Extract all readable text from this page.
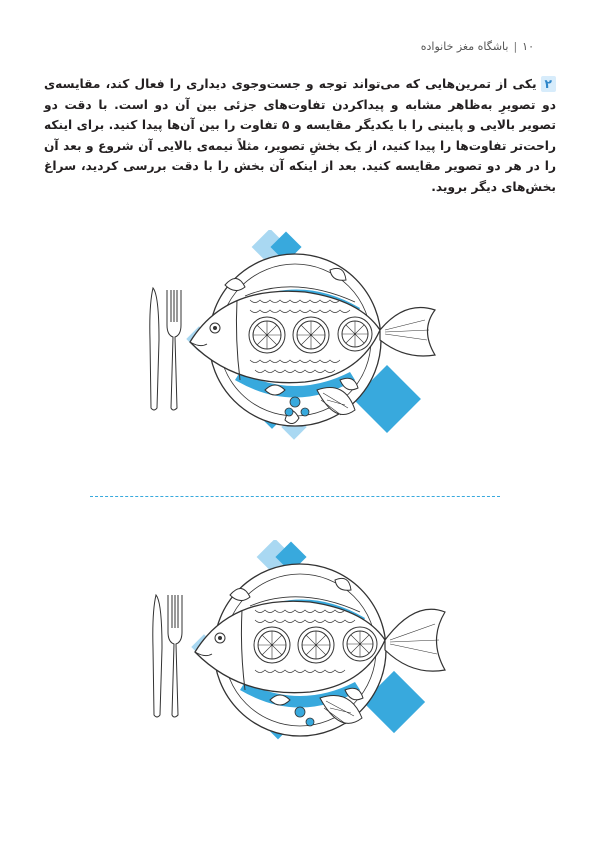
۱۰
|
باشگاه مغز خانواده
۲یکی از تمرین‌هایی که می‌تواند توجه و جست‌وجوی دیداری را فعال کند، مقایسه‌ی دو تصویرِ به‌ظاهر مشابه و پیداکردن تفاوت‌های جزئی بین آن دو است. با دقت دو تصویر بالایی و پایینی را با یکدیگر مقایسه و ۵ تفاوت را بین آن‌ها پیدا کنید. برای اینکه راحت‌تر تفاوت‌ها را پیدا کنید، از یک بخشِ تصویر، مثلاً نیمه‌ی بالایی آن شروع و بعد آن را در هر دو تصویر مقایسه کنید. بعد از اینکه آن بخش را با دقت بررسی کردید، سراغ بخش‌های دیگر بروید.
